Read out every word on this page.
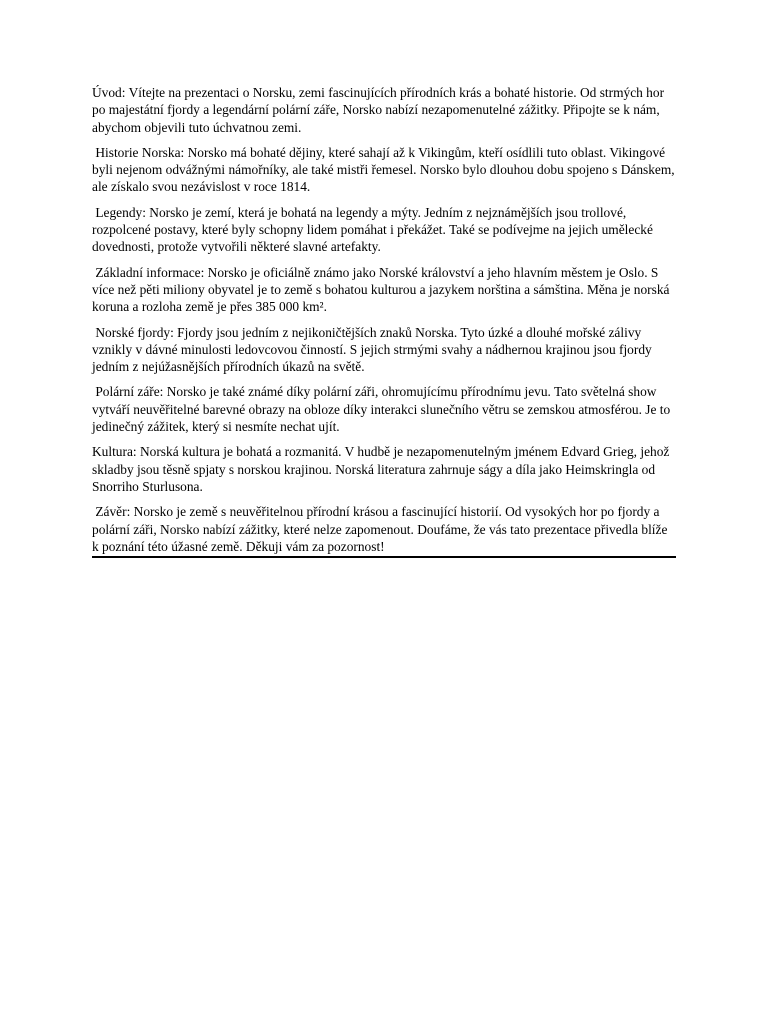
Úvod: Vítejte na prezentaci o Norsku, zemi fascinujících přírodních krás a bohaté historie. Od strmých hor po majestátní fjordy a legendární polární záře, Norsko nabízí nezapomenutelné zážitky. Připojte se k nám, abychom objevili tuto úchvatnou zemi.

Historie Norska: Norsko má bohaté dějiny, které sahají až k Vikingům, kteří osídlili tuto oblast. Vikingové byli nejenom odvážnými námořníky, ale také mistři řemesel. Norsko bylo dlouhou dobu spojeno s Dánskem, ale získalo svou nezávislost v roce 1814.

Legendy: Norsko je zemí, která je bohatá na legendy a mýty. Jedním z nejznámějších jsou trollové, rozpolcené postavy, které byly schopny lidem pomáhat i překážet. Také se podívejme na jejich umělecké dovednosti, protože vytvořili některé slavné artefakty.

Základní informace: Norsko je oficiálně známo jako Norské království a jeho hlavním městem je Oslo. S více než pěti miliony obyvatel je to země s bohatou kulturou a jazykem norština a sámština. Měna je norská koruna a rozloha země je přes 385 000 km².

Norské fjordy: Fjordy jsou jedním z nejikoničtějších znaků Norska. Tyto úzké a dlouhé mořské zálivy vznikly v dávné minulosti ledovcovou činností. S jejich strmými svahy a nádhernou krajinou jsou fjordy jedním z nejúžasnějších přírodních úkazů na světě.

Polární záře: Norsko je také známé díky polární záři, ohromujícímu přírodnímu jevu. Tato světelná show vytváří neuvěřitelné barevné obrazy na obloze díky interakci slunečního větru se zemskou atmosférou. Je to jedinečný zážitek, který si nesmíte nechat ujít.

Kultura: Norská kultura je bohatá a rozmanitá. V hudbě je nezapomenutelným jménem Edvard Grieg, jehož skladby jsou těsně spjaty s norskou krajinou. Norská literatura zahrnuje ságy a díla jako Heimskringla od Snorriho Sturlusona.

Závěr: Norsko je země s neuvěřitelnou přírodní krásou a fascinující historií. Od vysokých hor po fjordy a polární záři, Norsko nabízí zážitky, které nelze zapomenout. Doufáme, že vás tato prezentace přivedla blíže k poznání této úžasné země. Děkuji vám za pozornost!
